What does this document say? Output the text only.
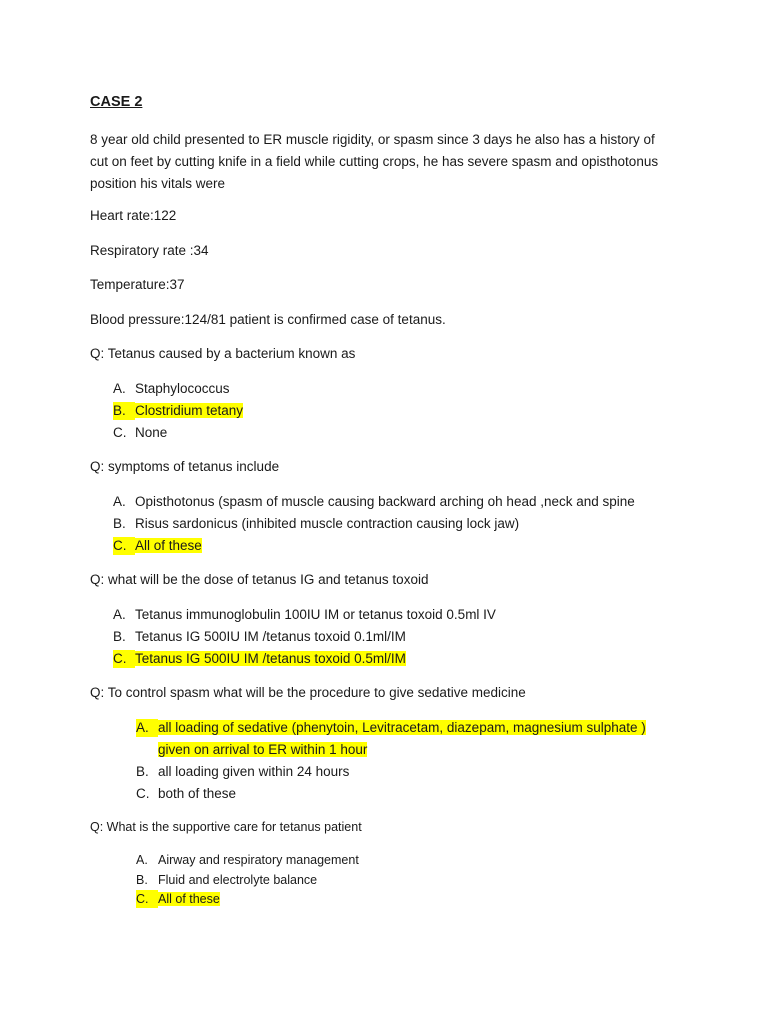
CASE 2
8 year old child presented to ER muscle rigidity, or spasm since 3 days he also has a history of
cut on feet by cutting knife in a field while cutting crops, he has severe spasm and opisthotonus
position his vitals were
Heart rate:122
Respiratory rate :34
Temperature:37
Blood pressure:124/81 patient is confirmed case of tetanus.
Q: Tetanus caused by a bacterium known as
A. Staphylococcus
B. Clostridium tetany
C. None
Q: symptoms of tetanus include
A. Opisthotonus (spasm of muscle causing backward arching oh head ,neck and spine
B. Risus sardonicus (inhibited muscle contraction causing lock jaw)
C. All of these
Q: what will be the dose of tetanus IG and tetanus toxoid
A. Tetanus immunoglobulin 100IU IM or tetanus toxoid 0.5ml IV
B. Tetanus IG 500IU IM /tetanus toxoid 0.1ml/IM
C. Tetanus IG 500IU IM /tetanus toxoid 0.5ml/IM
Q: To control spasm what will be the procedure to give sedative medicine
A. all loading of sedative (phenytoin, Levitracetam, diazepam, magnesium sulphate )
given on arrival to ER within 1 hour
B. all loading given within 24 hours
C. both of these
Q: What is the supportive care for tetanus patient
A. Airway and respiratory management
B. Fluid and electrolyte balance
C. All of these
